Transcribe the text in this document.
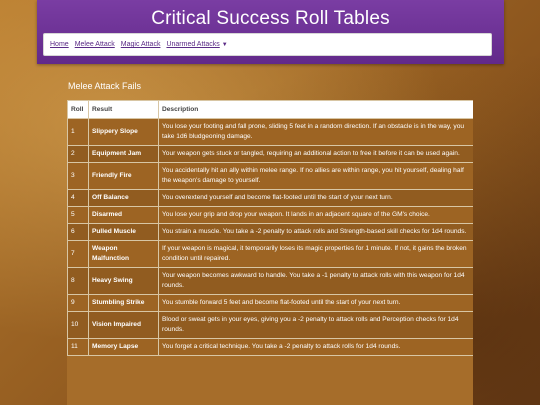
Critical Success Roll Tables
Home Melee Attack Magic Attack Unarmed Attacks ▼
Melee Attack Fails
Roll	Result	Description
1	Slippery Slope	You lose your footing and fall prone, sliding 5 feet in a random direction. If an obstacle is in the way, you take 1d6 bludgeoning damage.
2	Equipment Jam	Your weapon gets stuck or tangled, requiring an additional action to free it before it can be used again.
3	Friendly Fire	You accidentally hit an ally within melee range. If no allies are within range, you hit yourself, dealing half the weapon's damage to yourself.
4	Off Balance	You overextend yourself and become flat-footed until the start of your next turn.
5	Disarmed	You lose your grip and drop your weapon. It lands in an adjacent square of the GM's choice.
6	Pulled Muscle	You strain a muscle. You take a -2 penalty to attack rolls and Strength-based skill checks for 1d4 rounds.
7	Weapon Malfunction	If your weapon is magical, it temporarily loses its magic properties for 1 minute. If not, it gains the broken condition until repaired.
8	Heavy Swing	Your weapon becomes awkward to handle. You take a -1 penalty to attack rolls with this weapon for 1d4 rounds.
9	Stumbling Strike	You stumble forward 5 feet and become flat-footed until the start of your next turn.
10	Vision Impaired	Blood or sweat gets in your eyes, giving you a -2 penalty to attack rolls and Perception checks for 1d4 rounds.
11	Memory Lapse	You forget a critical technique. You take a -2 penalty to attack rolls for 1d4 rounds.
